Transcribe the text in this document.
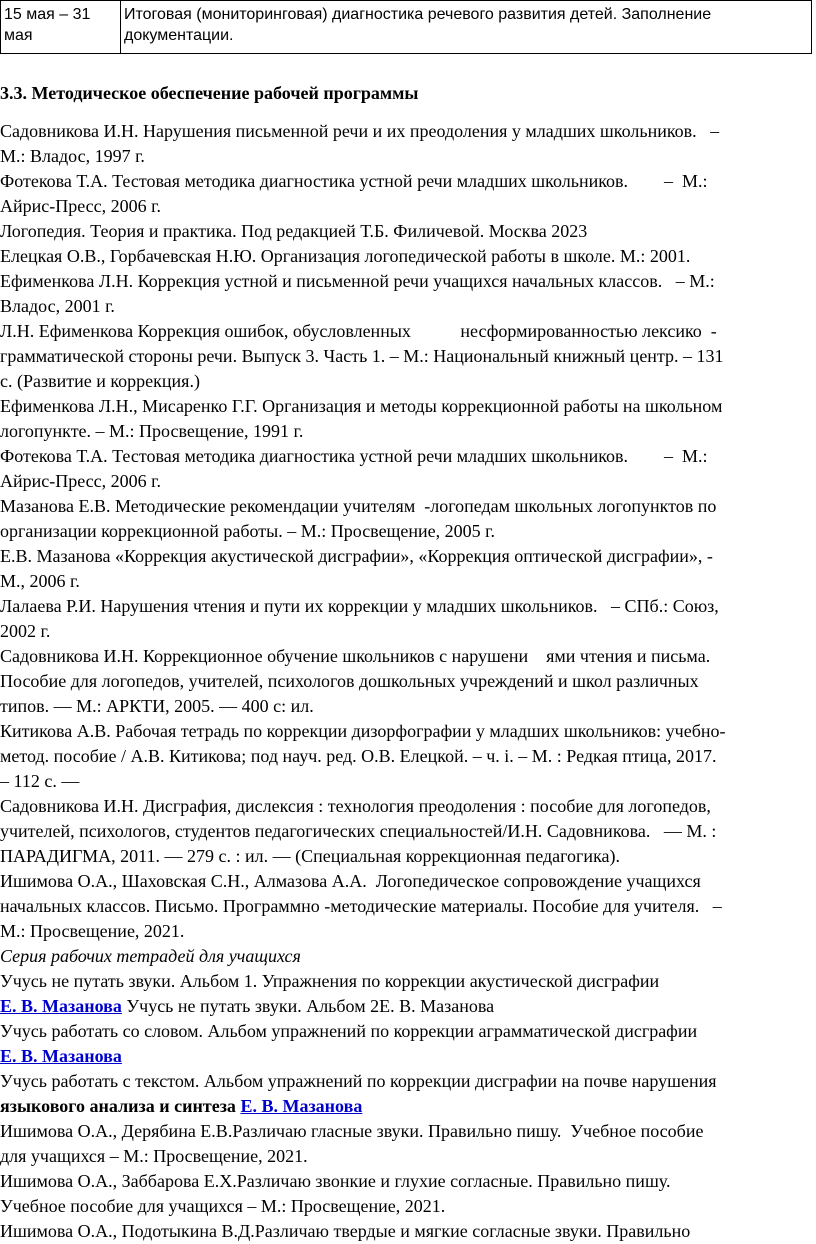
15 мая – 31 мая	Итоговая (мониторинговая) диагностика речевого развития детей. Заполнение документации.
3.3. Методическое обеспечение рабочей программы
Садовникова И.Н. Нарушения письменной речи и их преодоления у младших школьников.   –
М.: Владос, 1997 г.
Фотекова Т.А. Тестовая методика диагностика устной речи младших школьников.        –  М.:
Айрис-Пресс, 2006 г.
Логопедия. Теория и практика. Под редакцией Т.Б. Филичевой. Москва 2023
Елецкая О.В., Горбачевская Н.Ю. Организация логопедической работы в школе. М.: 2001.
Ефименкова Л.Н. Коррекция устной и письменной речи учащихся начальных классов.   – М.:
Владос, 2001 г.
Л.Н. Ефименкова Коррекция ошибок, обусловленных           несформированностью лексико  -
грамматической стороны речи. Выпуск 3. Часть 1. – М.: Национальный книжный центр. – 131
с. (Развитие и коррекция.)
Ефименкова Л.Н., Мисаренко Г.Г. Организация и методы коррекционной работы на школьном
логопункте. – М.: Просвещение, 1991 г.
Фотекова Т.А. Тестовая методика диагностика устной речи младших школьников.        –  М.:
Айрис-Пресс, 2006 г.
Мазанова Е.В. Методические рекомендации учителям  -логопедам школьных логопунктов по
организации коррекционной работы. – М.: Просвещение, 2005 г.
Е.В. Мазанова «Коррекция акустической дисграфии», «Коррекция оптической дисграфии», -
М., 2006 г.
Лалаева Р.И. Нарушения чтения и пути их коррекции у младших школьников.   – СПб.: Союз,
2002 г.
Садовникова И.Н. Коррекционное обучение школьников с нарушени    ями чтения и письма.
Пособие для логопедов, учителей, психологов дошкольных учреждений и школ различных
типов. — М.: АРКТИ, 2005. — 400 с: ил.
Китикова А.В. Рабочая тетрадь по коррекции дизорфографии у младших школьников: учебно-
метод. пособие / А.В. Китикова; под науч. ред. О.В. Елецкой. – ч. і. – М. : Редкая птица, 2017.
– 112 с. —
Садовникова И.Н. Дисграфия, дислексия : технология преодоления : пособие для логопедов,
учителей, психологов, студентов педагогических специальностей/И.Н. Садовникова.   — М. :
ПАРАДИГМА, 2011. — 279 с. : ил. — (Специальная коррекционная педагогика).
Ишимова О.А., Шаховская С.Н., Алмазова А.А.  Логопедическое сопровождение учащихся
начальных классов. Письмо. Программно -методические материалы. Пособие для учителя.   –
М.: Просвещение, 2021.
Серия рабочих тетрадей для учащихся
Учусь не путать звуки. Альбом 1. Упражнения по коррекции акустической дисграфии
Е. В. Мазанова Учусь не путать звуки. Альбом 2Е. В. Мазанова
Учусь работать со словом. Альбом упражнений по коррекции аграмматической дисграфии
Е. В. Мазанова
Учусь работать с текстом. Альбом упражнений по коррекции дисграфии на почве нарушения
языкового анализа и синтеза Е. В. Мазанова
Ишимова О.А., Дерябина Е.В.Различаю гласные звуки. Правильно пишу.  Учебное пособие
для учащихся – М.: Просвещение, 2021.
Ишимова О.А., Заббарова Е.Х.Различаю звонкие и глухие согласные. Правильно пишу.
Учебное пособие для учащихся – М.: Просвещение, 2021.
Ишимова О.А., Подотыкина В.Д.Различаю твердые и мягкие согласные звуки. Правильно
